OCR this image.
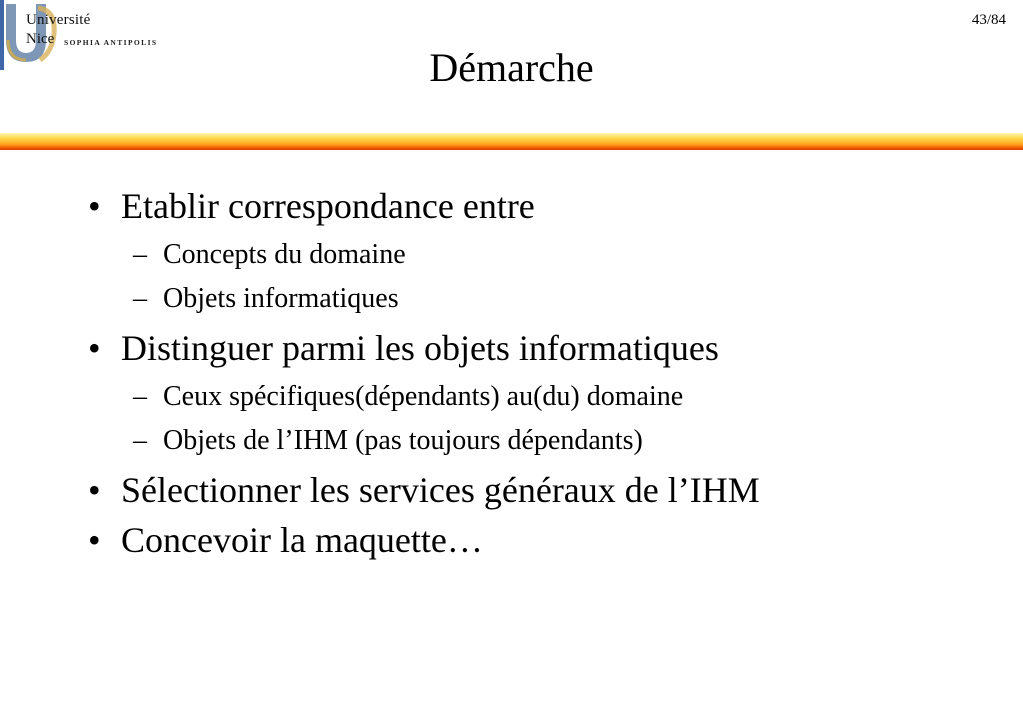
Université
Nice SOPHIA ANTIPOLIS
43/84
Démarche
• Etablir correspondance entre
– Concepts du domaine
– Objets informatiques
• Distinguer parmi les objets informatiques
– Ceux spécifiques(dépendants) au(du) domaine
– Objets de l’IHM (pas toujours dépendants)
• Sélectionner les services généraux de l’IHM
• Concevoir la maquette…
